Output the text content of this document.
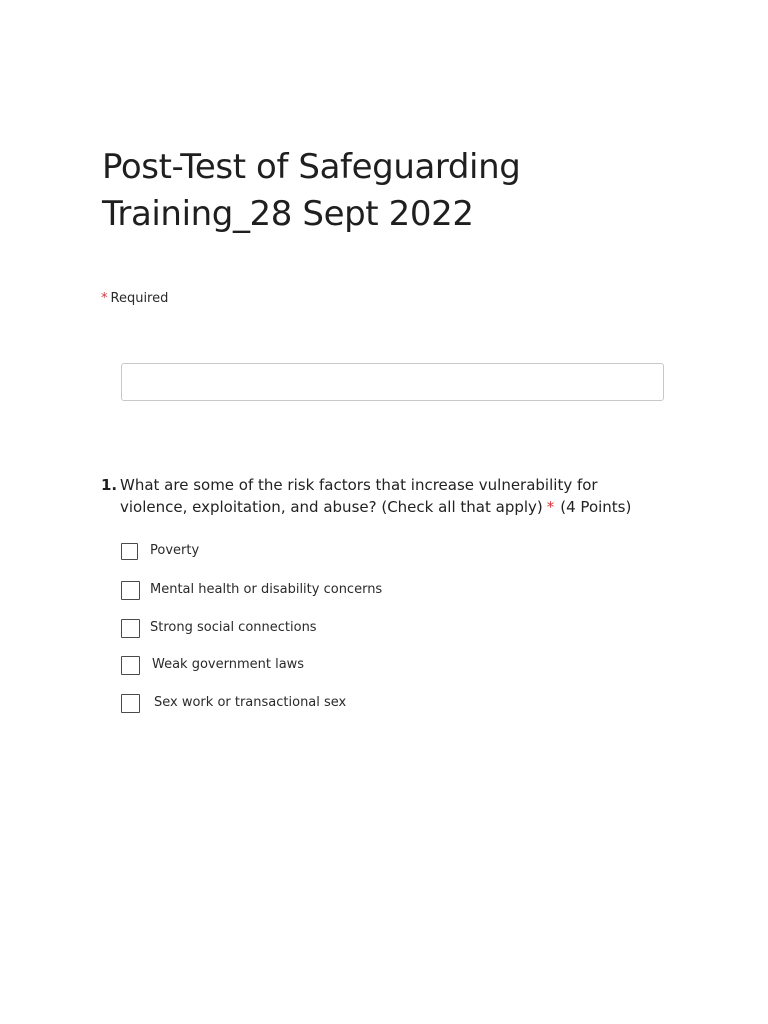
Post-Test of Safeguarding Training_28 Sept 2022
* Required
1. What are some of the risk factors that increase vulnerability for violence, exploitation, and abuse? (Check all that apply) * (4 Points)
Poverty
Mental health or disability concerns
Strong social connections
Weak government laws
Sex work or transactional sex
